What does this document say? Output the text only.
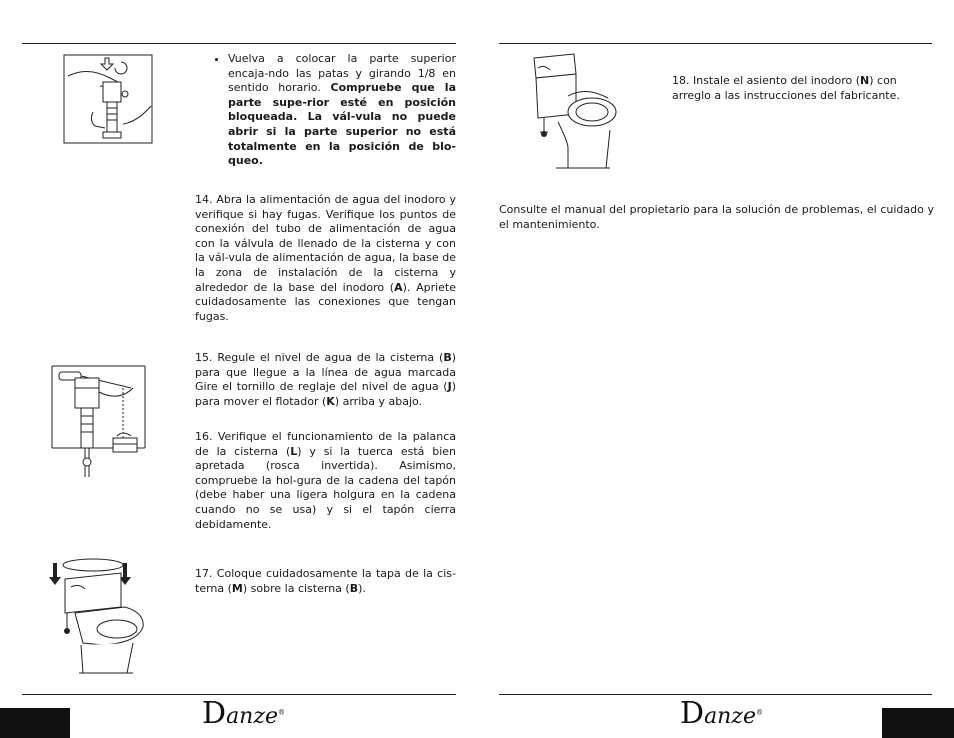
• Vuelva a colocar la parte superior encaja-ndo las patas y girando 1/8 en sentido horario. Compruebe que la parte supe-rior esté en posición bloqueada. La vál-vula no puede abrir si la parte superior no está totalmente en la posición de blo-queo.
14. Abra la alimentación de agua del inodoro y verifique si hay fugas. Verifique los puntos de conexión del tubo de alimentación de agua con la válvula de llenado de la cisterna y con la vál-vula de alimentación de agua, la base de la zona de instalación de la cisterna y alrededor de la base del inodoro (A). Apriete cuidadosamente las conexiones que tengan fugas.
15. Regule el nivel de agua de la cisterna (B) para que llegue a la línea de agua marcada Gire el tornillo de reglaje del nivel de agua (J) para mover el flotador (K) arriba y abajo.
16. Verifique el funcionamiento de la palanca de la cisterna (L) y si la tuerca está bien apretada (rosca invertida). Asimismo, compruebe la hol-gura de la cadena del tapón (debe haber una ligera holgura en la cadena cuando no se usa) y si el tapón cierra debidamente.
17. Coloque cuidadosamente la tapa de la cis-terna (M) sobre la cisterna (B).
18. Instale el asiento del inodoro (N) con arreglo a las instrucciones del fabricante.
Consulte el manual del propietario para la solución de problemas, el cuidado y el mantenimiento.
Danze®	Danze®
